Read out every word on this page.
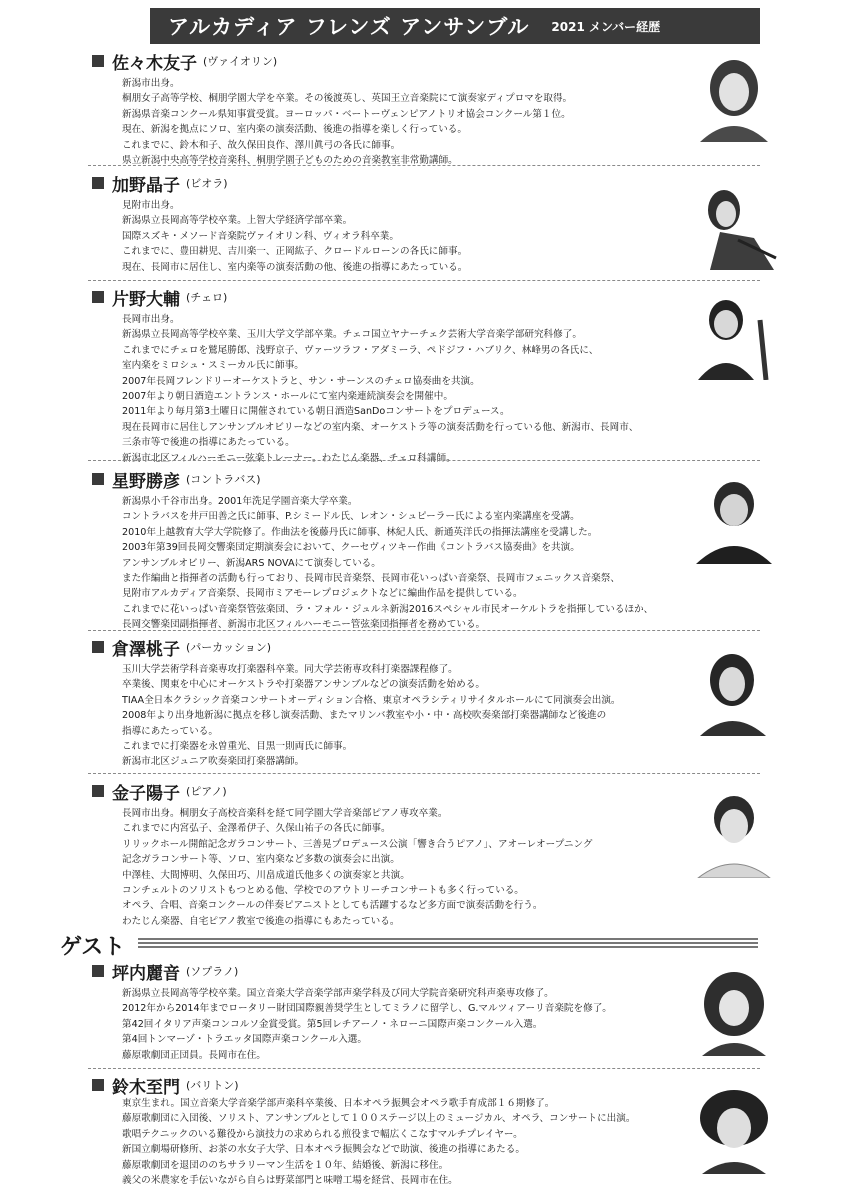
アルカディア フレンズ アンサンブル 2021 メンバー経歴
佐々木友子 (ヴァイオリン)
新潟市出身。
桐朋女子高等学校、桐朋学園大学を卒業。その後渡英し、英国王立音楽院にて演奏家ディプロマを取得。
新潟県音楽コンクール県知事賞受賞。ヨーロッパ・ベートーヴェンピアノトリオ協会コンクール第１位。
現在、新潟を拠点にソロ、室内楽の演奏活動、後進の指導を楽しく行っている。
これまでに、鈴木和子、故久保田良作、澤川眞弓の各氏に師事。
県立新潟中央高等学校音楽科、桐朋学園子どものための音楽教室非常勤講師。
加野晶子 (ビオラ)
見附市出身。
新潟県立長岡高等学校卒業。上智大学経済学部卒業。
国際スズキ・メソード音楽院ヴァイオリン科、ヴィオラ科卒業。
これまでに、豊田耕児、吉川楽一、正岡紘子、クロードルローンの各氏に師事。
現在、長岡市に居住し、室内楽等の演奏活動の他、後進の指導にあたっている。
片野大輔 (チェロ)
長岡市出身。
新潟県立長岡高等学校卒業、玉川大学文学部卒業。チェコ国立ヤナーチェク芸術大学音楽学部研究科修了。
これまでにチェロを鷲尾勝郎、浅野京子、ヴァーツラフ・アダミーラ、ペドジフ・ハブリク、林峰男の各氏に、
室内楽をミロシュ・スミーカル氏に師事。
2007年長岡フレンドリーオーケストラと、サン・サーンスのチェロ協奏曲を共演。
2007年より朝日酒造エントランス・ホールにて室内楽連続演奏会を開催中。
2011年より毎月第3土曜日に開催されている朝日酒造SanDoコンサートをプロデュース。
現在長岡市に居住しアンサンブルオビリーなどの室内楽、オーケストラ等の演奏活動を行っている他、新潟市、長岡市、
三条市等で後進の指導にあたっている。
新潟市北区フィルハーモニー弦楽トレーナー。わたじん楽器、チェロ科講師。
星野勝彦 (コントラバス)
新潟県小千谷市出身。2001年洗足学園音楽大学卒業。
コントラバスを井戸田善之氏に師事、P.シミードル氏、レオン・シュピーラー氏による室内楽講座を受講。
2010年上越教育大学大学院修了。作曲法を後藤丹氏に師事、林紀人氏、新通英洋氏の指揮法講座を受講した。
2003年第39回長岡交響楽団定期演奏会において、クーセヴィツキー作曲《コントラバス協奏曲》を共演。
アンサンブルオビリー、新潟ARS NOVAにて演奏している。
また作編曲と指揮者の活動も行っており、長岡市民音楽祭、長岡市花いっぱい音楽祭、長岡市フェニックス音楽祭、
見附市アルカディア音楽祭、長岡市ミアモーレプロジェクトなどに編曲作品を提供している。
これまでに花いっぱい音楽祭管弦楽団、ラ・フォル・ジュルネ新潟2016スペシャル市民オーケルトラを指揮しているほか、
長岡交響楽団副指揮者、新潟市北区フィルハーモニー管弦楽団指揮者を務めている。
倉澤桃子 (パーカッション)
玉川大学芸術学科音楽専攻打楽器科卒業。同大学芸術専攻科打楽器課程修了。
卒業後、関東を中心にオーケストラや打楽器アンサンブルなどの演奏活動を始める。
TIAA全日本クラシック音楽コンサートオーディション合格、東京オペラシティリサイタルホールにて同演奏会出演。
2008年より出身地新潟に拠点を移し演奏活動、またマリンバ教室や小・中・高校吹奏楽部打楽器講師など後進の
指導にあたっている。
これまでに打楽器を永曽重光、目黒一則両氏に師事。
新潟市北区ジュニア吹奏楽団打楽器講師。
金子陽子 (ピアノ)
長岡市出身。桐朋女子高校音楽科を経て同学園大学音楽部ピアノ専攻卒業。
これまでに内宮弘子、金澤希伊子、久保山祐子の各氏に師事。
リリックホール開館記念ガラコンサート、三善晃プロデュース公演「響き合うピアノ」、アオーレオープニング
記念ガラコンサート等、ソロ、室内楽など多数の演奏会に出演。
中澤桂、大間博明、久保田巧、川畠成道氏他多くの演奏家と共演。
コンチェルトのソリストもつとめる他、学校でのアウトリーチコンサートも多く行っている。
オペラ、合唱、音楽コンクールの伴奏ピアニストとしても活躍するなど多方面で演奏活動を行う。
わたじん楽器、自宅ピアノ教室で後進の指導にもあたっている。
ゲスト
坪内麗音 (ソプラノ)
新潟県立長岡高等学校卒業。国立音楽大学音楽学部声楽学科及び同大学院音楽研究科声楽専攻修了。
2012年から2014年までロータリー財団国際親善奨学生としてミラノに留学し、G.マルツィアーリ音楽院を修了。
第42回イタリア声楽コンコルソ金賞受賞。第5回レチアーノ・ネローニ国際声楽コンクール入選。
第4回トンマーゾ・トラエッタ国際声楽コンクール入選。
藤原歌劇団正団員。長岡市在住。
鈴木至門 (バリトン)
東京生まれ。国立音楽大学音楽学部声楽科卒業後、日本オペラ振興会オペラ歌手育成部１６期修了。
藤原歌劇団に入団後、ソリスト、アンサンブルとして１００ステージ以上のミュージカル、オペラ、コンサートに出演。
歌唱テクニックのいる難役から演技力の求められる煎役まで幅広くこなすマルチプレイヤー。
新国立劇場研修所、お茶の水女子大学、日本オペラ振興会などで助演、後進の指導にあたる。
藤原歌劇団を退団ののちサラリーマン生活を１０年、結婚後、新潟に移住。
義父の米農家を手伝いながら自らは野菜部門と味噌工場を経営、長岡市在住。
